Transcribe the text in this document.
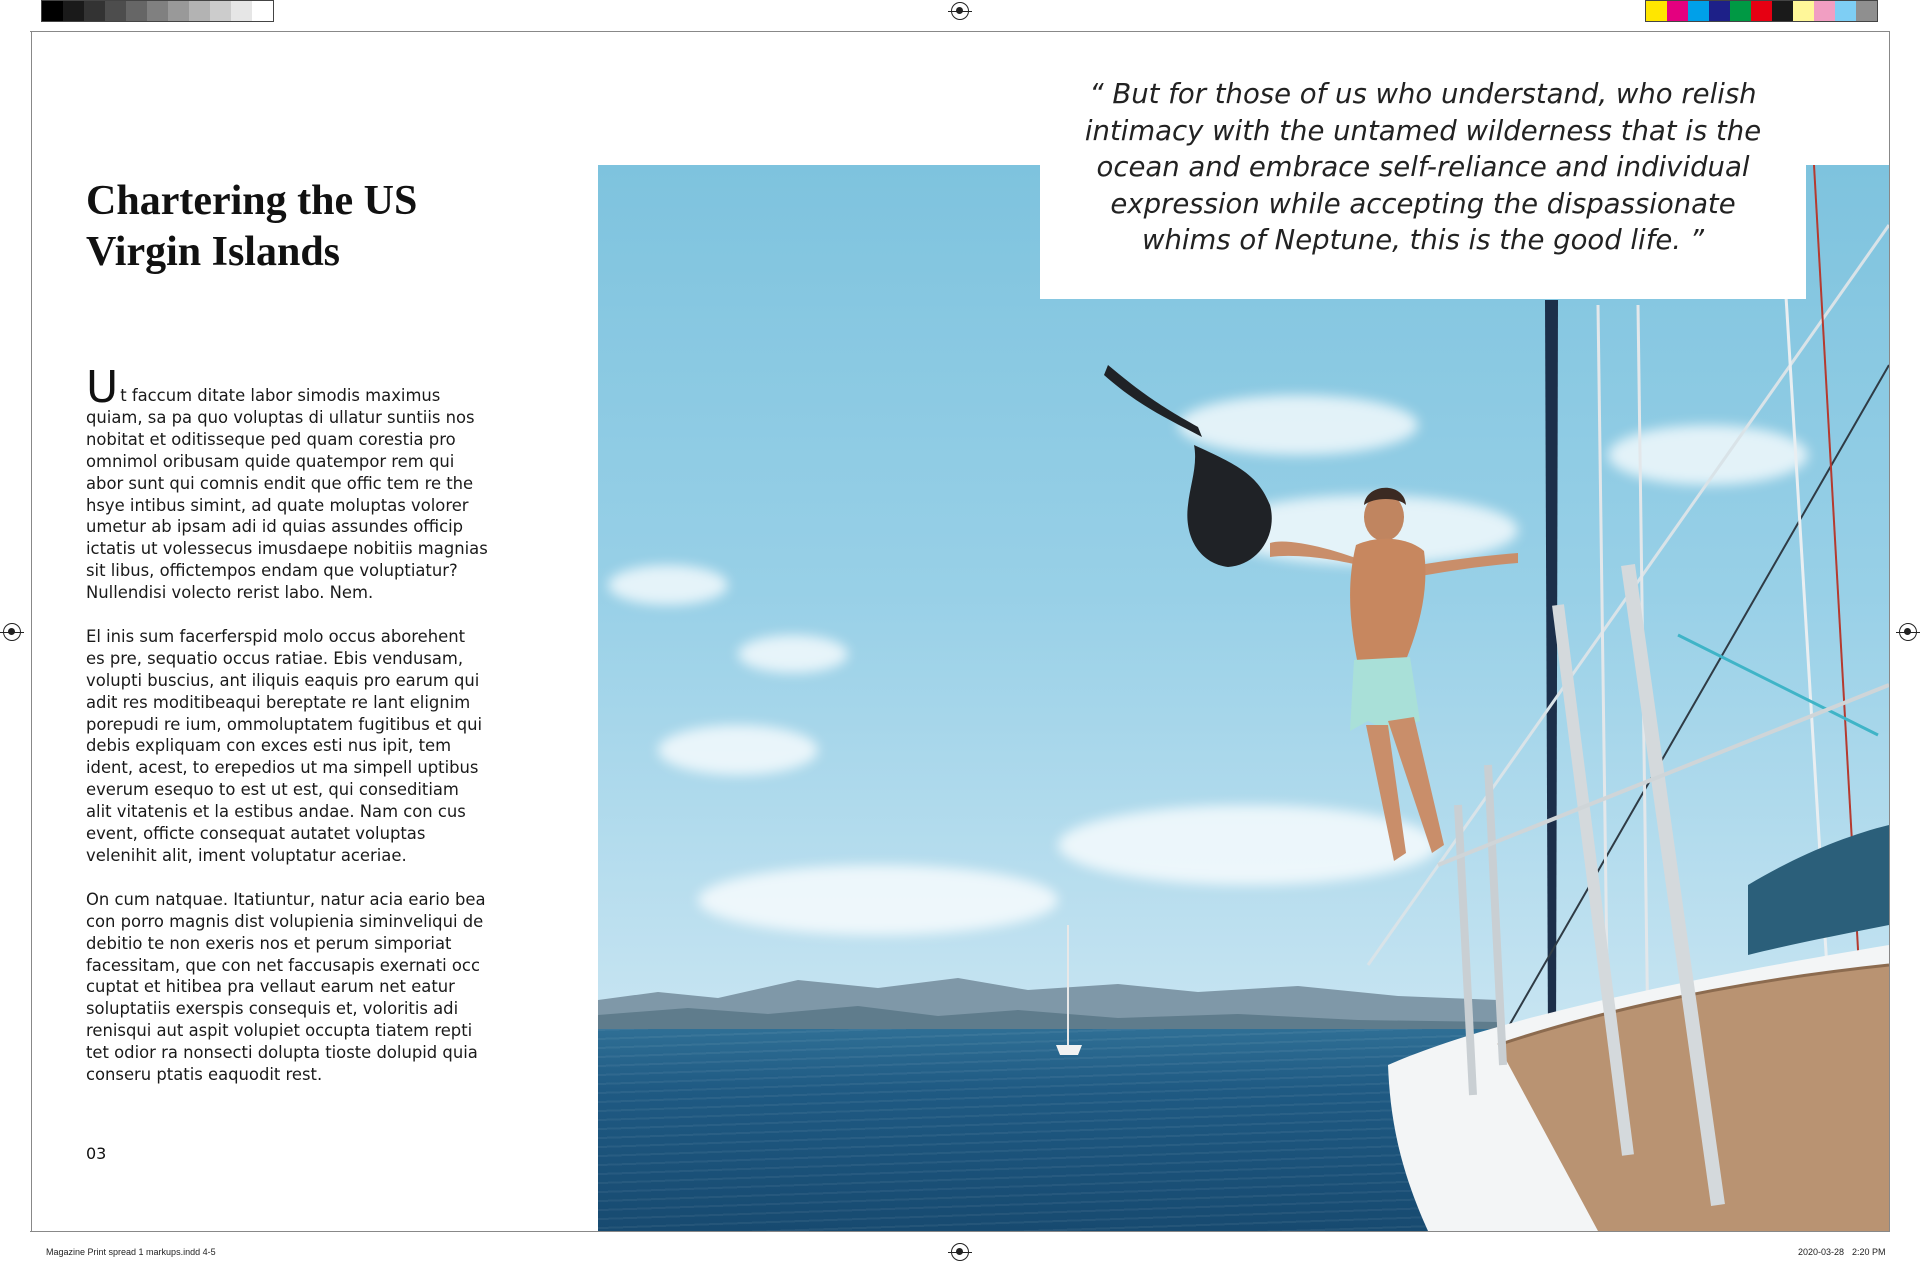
Magazine Print spread 1 markups.indd 4-5	2020-03-28 2:20 PM
Chartering the US
Virgin Islands

Ut faccum ditate labor simodis maximus quiam, sa pa quo voluptas di ullatur suntiis nos nobitat et oditisseque ped quam corestia pro omnimol oribusam quide quatempor rem qui abor sunt qui comnis endit que offic tem re the hsye intibus simint, ad quate moluptas volorer umetur ab ipsam adi id quias assundes officip ictatis ut volessecus imusdaepe nobitiis magnias sit libus, offictempos endam que voluptiatur? Nullendisi volecto rerist labo. Nem.

El inis sum facerferspid molo occus aborehent es pre, sequatio occus ratiae. Ebis vendusam, volupti buscius, ant iliquis eaquis pro earum qui adit res moditibeaqui bereptate re lant elignim porepudi re ium, ommoluptatem fugitibus et qui debis expliquam con exces esti nus ipit, tem ident, acest, to erepedios ut ma simpell uptibus everum esequo to est ut est, qui conseditiam alit vitatenis et la estibus andae. Nam con cus event, officte consequat autatet voluptas velenihit alit, iment voluptatur aceriae.

On cum natquae. Itatiuntur, natur acia eario bea con porro magnis dist volupienia siminveliqui de debitio te non exeris nos et perum simporiat facessitam, que con net faccusapis exernati occ cuptat et hitibea pra vellaut earum net eatur soluptatiis exerspis consequis et, voloritis adi renisqui aut aspit volupiet occupta tiatem repti tet odior ra nonsecti dolupta tioste dolupid quia conseru ptatis eaquodit rest.

03

“ But for those of us who understand, who relish intimacy with the untamed wilderness that is the ocean and embrace self-reliance and individual expression while accepting the dispassionate whims of Neptune, this is the good life. ”
